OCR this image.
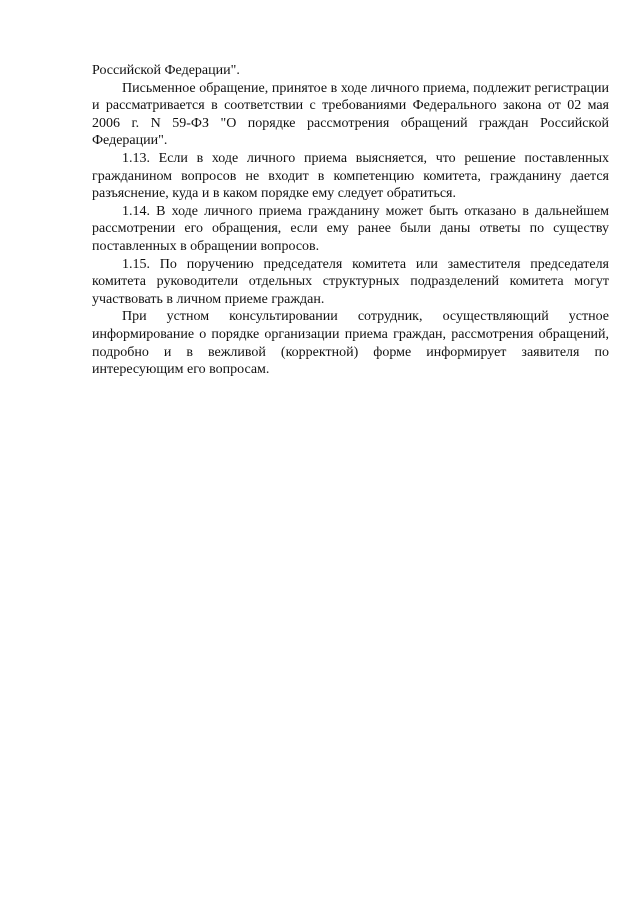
Российской Федерации".

Письменное обращение, принятое в ходе личного приема, подлежит регистрации и рассматривается в соответствии с требованиями Федерального закона от 02 мая 2006 г. N 59-ФЗ "О порядке рассмотрения обращений граждан Российской Федерации".

1.13. Если в ходе личного приема выясняется, что решение поставленных гражданином вопросов не входит в компетенцию комитета, гражданину дается разъяснение, куда и в каком порядке ему следует обратиться.

1.14. В ходе личного приема гражданину может быть отказано в дальнейшем рассмотрении его обращения, если ему ранее были даны ответы по существу поставленных в обращении вопросов.

1.15. По поручению председателя комитета или заместителя председателя комитета руководители отдельных структурных подразделений комитета могут участвовать в личном приеме граждан.

При устном консультировании сотрудник, осуществляющий устное информирование о порядке организации приема граждан, рассмотрения обращений, подробно и в вежливой (корректной) форме информирует заявителя по интересующим его вопросам.
